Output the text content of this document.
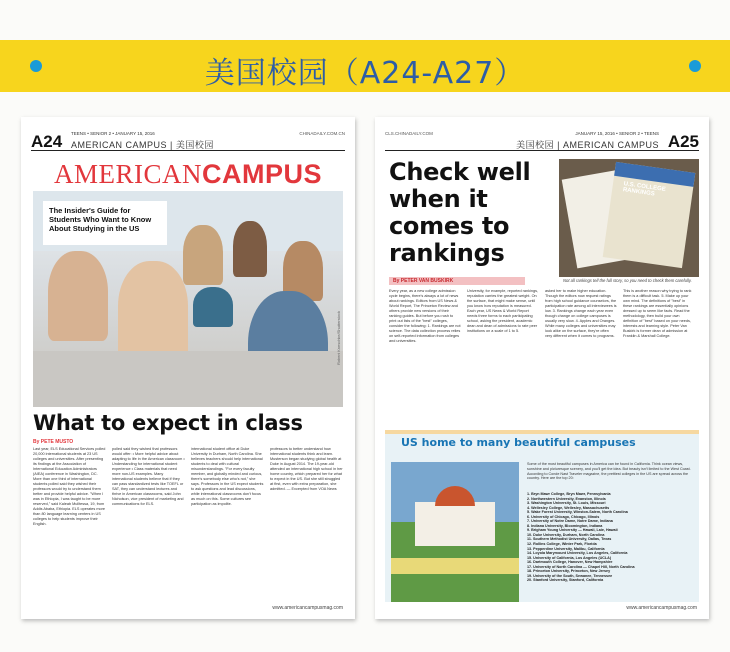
美国校园（A24-A27）
A24 TEENS • SENIOR 2 • JANUARY 15, 2016
AMERICAN CAMPUS | 美国校园
CHINADAILY.COM.CN
AMERICANCAMPUS
The Insider's Guide for Students Who Want to Know About Studying in the US
Robert Kneschke/Shutterstock
What to expect in class
By PETE MUSTO
Last year, ELS Educational Services polled 20,000 international students at 23 US colleges and universities. After presenting its findings at the Association of International Education Administrators (AIEA) conference in Washington, DC. More than one third of international students polled said they wished their professors would try to understand them better and provide helpful advice. "When I was in Ethiopia, I was taught to be more reserved," said Kaleab Mulltessa, 19, from Addis Ababa, Ethiopia. ELS operates more than 80 language learning centers in US colleges to help students improve their English.
polled said they wished that professors would offer: • More helpful advice about adapting to life in the American classroom • Understanding for international student experience • Class materials that need more non-US examples. Many international students believe that if they can pass standardized tests like TOEFL or SAT, they can understand lectures and thrive in American classrooms, said John Nicholson, vice president of marketing and communications for ELS.
international student office at Duke University in Durham, North Carolina. She believes teachers should help international students to deal with cultural misunderstandings. "For every faculty member, and globally minded and curious, there's somebody else who's not," she says. Professors in the US expect students to ask questions and lead discussions, while international classrooms don't focus as much on this. Some cultures see participation as impolite.
professors to better understand how international students think and learn. Musterson began studying global health at Duke in August 2014. The 19-year-old attended an international high school in her home country, which prepared her for what to expect in the US. But she still struggled at first, even with extra preparation, she admitted. — Excerpted from VOA News
www.americancampusmag.com
CLS.CHINADAILY.COM	JANUARY 15, 2016 • SENIOR 2 • TEENS
美国校园 | AMERICAN CAMPUS A25
Check well
when it
comes to
rankings
By PETER VAN BUSKIRK
U.S. COLLEGE RANKINGS
Not all rankings tell the full story, so you need to check them carefully.
Every year, as a new college admission cycle begins, there's always a lot of news about rankings. Editors from US News & World Report, The Princeton Review and others provide new versions of their ranking guides. But before you rush to print out lists of the "best" colleges, consider the following: 1. Rankings are not science. The data collection process relies on self-reported information from colleges and universities.
University, for example, reported rankings, reputation carries the greatest weight. On the surface, that might make sense, until you know how reputation is measured. Each year, US News & World Report needs three forms to each participating school, asking the president, academic dean and dean of admissions to rate peer institutions on a scale of 1 to 5.
asked her to make higher education. Though the editors now request ratings from high school guidance counselors, the participation rate among all interviewees is low. 3. Rankings change each year even though change on college campuses is usually very slow. 4. Apples and Oranges. While many colleges and universities may look alike on the surface, they're often very different when it comes to programs.
This is another reason why trying to rank them is a difficult task. 5. Make up your own mind. The definitions of "best" in these rankings are essentially opinions dressed up to seem like facts. Read the methodology, then build your own definition of "best" based on your needs, interests and learning style. Peter Van Buskirk is former dean of admission at Franklin & Marshall College.
US home to many beautiful campuses
Some of the most beautiful campuses in America can be found in California. Think ocean views, sunshine and picturesque scenery, and you'll get the idea. But beauty isn't limited to the West Coast. According to Conde Nast Traveler magazine, the prettiest colleges in the US are spread across the country. Here are the top 20:
1. Bryn Mawr College, Bryn Mawr, Pennsylvania
2. Northwestern University, Evanston, Illinois
3. Washington University, St. Louis, Missouri
4. Wellesley College, Wellesley, Massachusetts
5. Wake Forest University, Winston-Salem, North Carolina
6. University of Chicago, Chicago, Illinois
7. University of Notre Dame, Notre Dame, Indiana
8. Indiana University, Bloomington, Indiana
9. Brigham Young University — Hawaii, Laie, Hawaii
10. Duke University, Durham, North Carolina
11. Southern Methodist University, Dallas, Texas
12. Rollins College, Winter Park, Florida
13. Pepperdine University, Malibu, California
14. Loyola Marymount University, Los Angeles, California
15. University of California, Los Angeles (UCLA)
16. Dartmouth College, Hanover, New Hampshire
17. University of North Carolina — Chapel Hill, North Carolina
18. Princeton University, Princeton, New Jersey
19. University of the South, Sewanee, Tennessee
20. Stanford University, Stanford, California
www.americancampusmag.com
